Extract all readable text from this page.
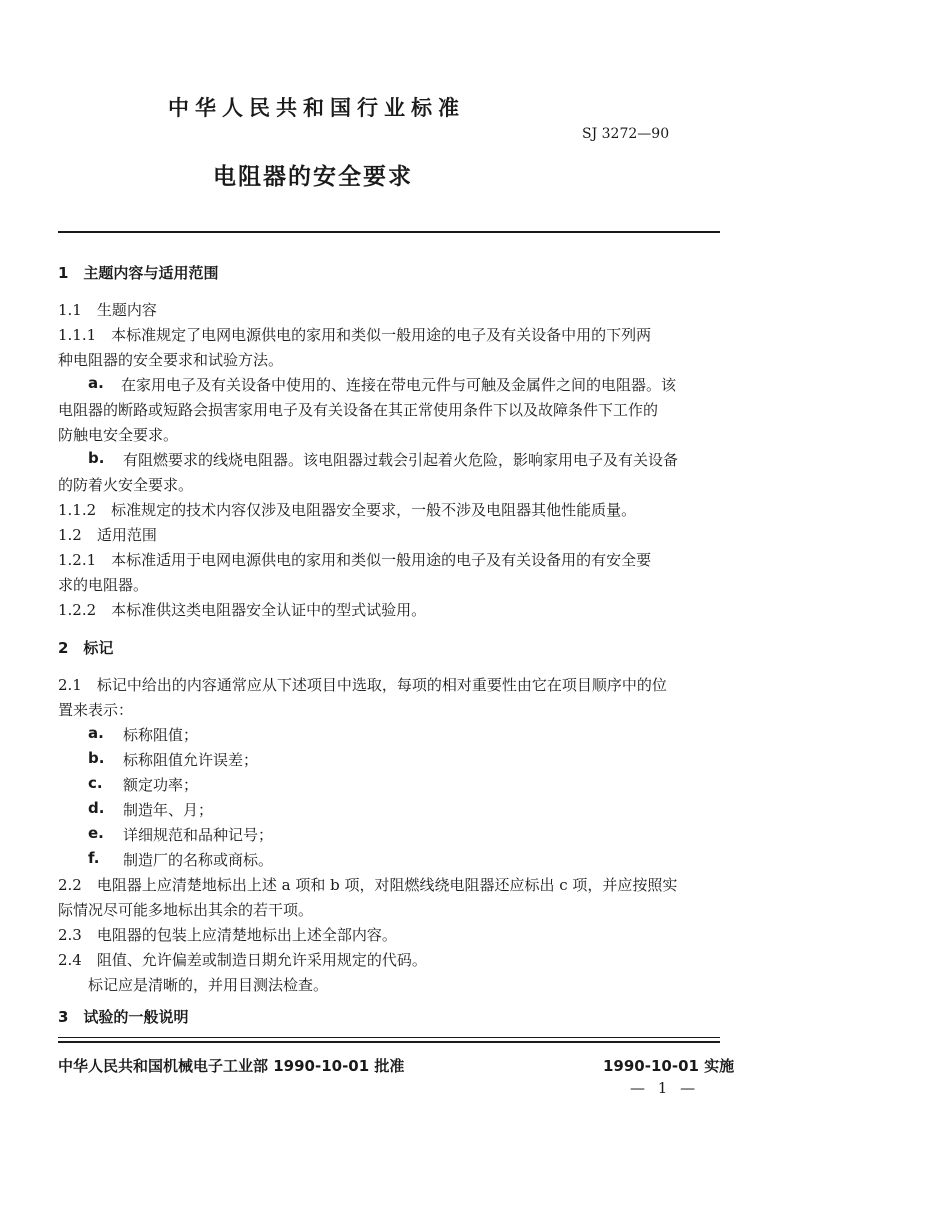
中华人民共和国行业标准
SJ 3272—90
电阻器的安全要求
1　主题内容与适用范围
1.1　生题内容
1.1.1　本标准规定了电网电源供电的家用和类似一般用途的电子及有关设备中用的下列两
种电阻器的安全要求和试验方法。
a. 在家用电子及有关设备中使用的、连接在带电元件与可触及金属件之间的电阻器。该
电阻器的断路或短路会损害家用电子及有关设备在其正常使用条件下以及故障条件下工作的
防触电安全要求。
b. 有阻燃要求的线烧电阻器。该电阻器过载会引起着火危险，影响家用电子及有关设备
的防着火安全要求。
1.1.2　标准规定的技术内容仅涉及电阻器安全要求，一般不涉及电阻器其他性能质量。
1.2　适用范围
1.2.1　本标准适用于电网电源供电的家用和类似一般用途的电子及有关设备用的有安全要
求的电阻器。
1.2.2　本标准供这类电阻器安全认证中的型式试验用。
2　标记
2.1　标记中给出的内容通常应从下述项目中选取，每项的相对重要性由它在项目顺序中的位
置来表示：
a. 标称阻值；
b. 标称阻值允许误差；
c. 额定功率；
d. 制造年、月；
e. 详细规范和品种记号；
f. 制造厂的名称或商标。
2.2　电阻器上应清楚地标出上述 a 项和 b 项，对阻燃线绕电阻器还应标出 c 项，并应按照实
际情况尽可能多地标出其余的若干项。
2.3　电阻器的包装上应清楚地标出上述全部内容。
2.4　阻值、允许偏差或制造日期允许采用规定的代码。
标记应是清晰的，并用目测法检查。
3　试验的一般说明
中华人民共和国机械电子工业部 1990-10-01 批准	1990-10-01 实施
— 1 —
